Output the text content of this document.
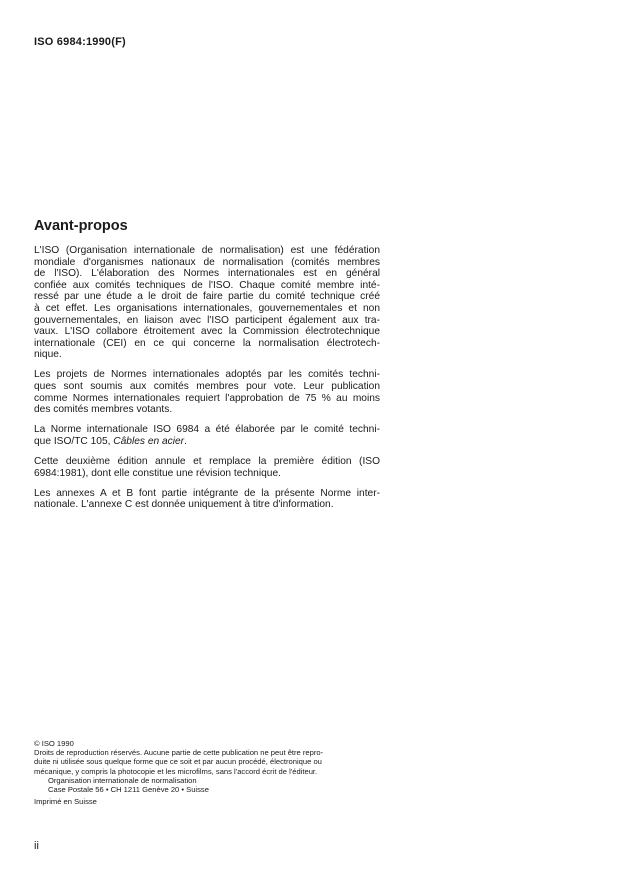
ISO 6984:1990(F)
Avant-propos

L'ISO (Organisation internationale de normalisation) est une fédération
mondiale d'organismes nationaux de normalisation (comités membres
de l'ISO). L'élaboration des Normes internationales est en général
confiée aux comités techniques de l'ISO. Chaque comité membre inté-
ressé par une étude a le droit de faire partie du comité technique créé
à cet effet. Les organisations internationales, gouvernementales et non
gouvernementales, en liaison avec l'ISO participent également aux tra-
vaux. L'ISO collabore étroitement avec la Commission électrotechnique
internationale (CEI) en ce qui concerne la normalisation électrotech-
nique.

Les projets de Normes internationales adoptés par les comités techni-
ques sont soumis aux comités membres pour vote. Leur publication
comme Normes internationales requiert l'approbation de 75 % au moins
des comités membres votants.

La Norme internationale ISO 6984 a été élaborée par le comité techni-
que ISO/TC 105, Câbles en acier.

Cette deuxième édition annule et remplace la première édition (ISO
6984:1981), dont elle constitue une révision technique.

Les annexes A et B font partie intégrante de la présente Norme inter-
nationale. L'annexe C est donnée uniquement à titre d'information.

© ISO 1990
Droits de reproduction réservés. Aucune partie de cette publication ne peut être repro-
duite ni utilisée sous quelque forme que ce soit et par aucun procédé, électronique ou
mécanique, y compris la photocopie et les microfilms, sans l'accord écrit de l'éditeur.
Organisation internationale de normalisation
Case Postale 56 • CH 1211 Genève 20 • Suisse
Imprimé en Suisse
ii
